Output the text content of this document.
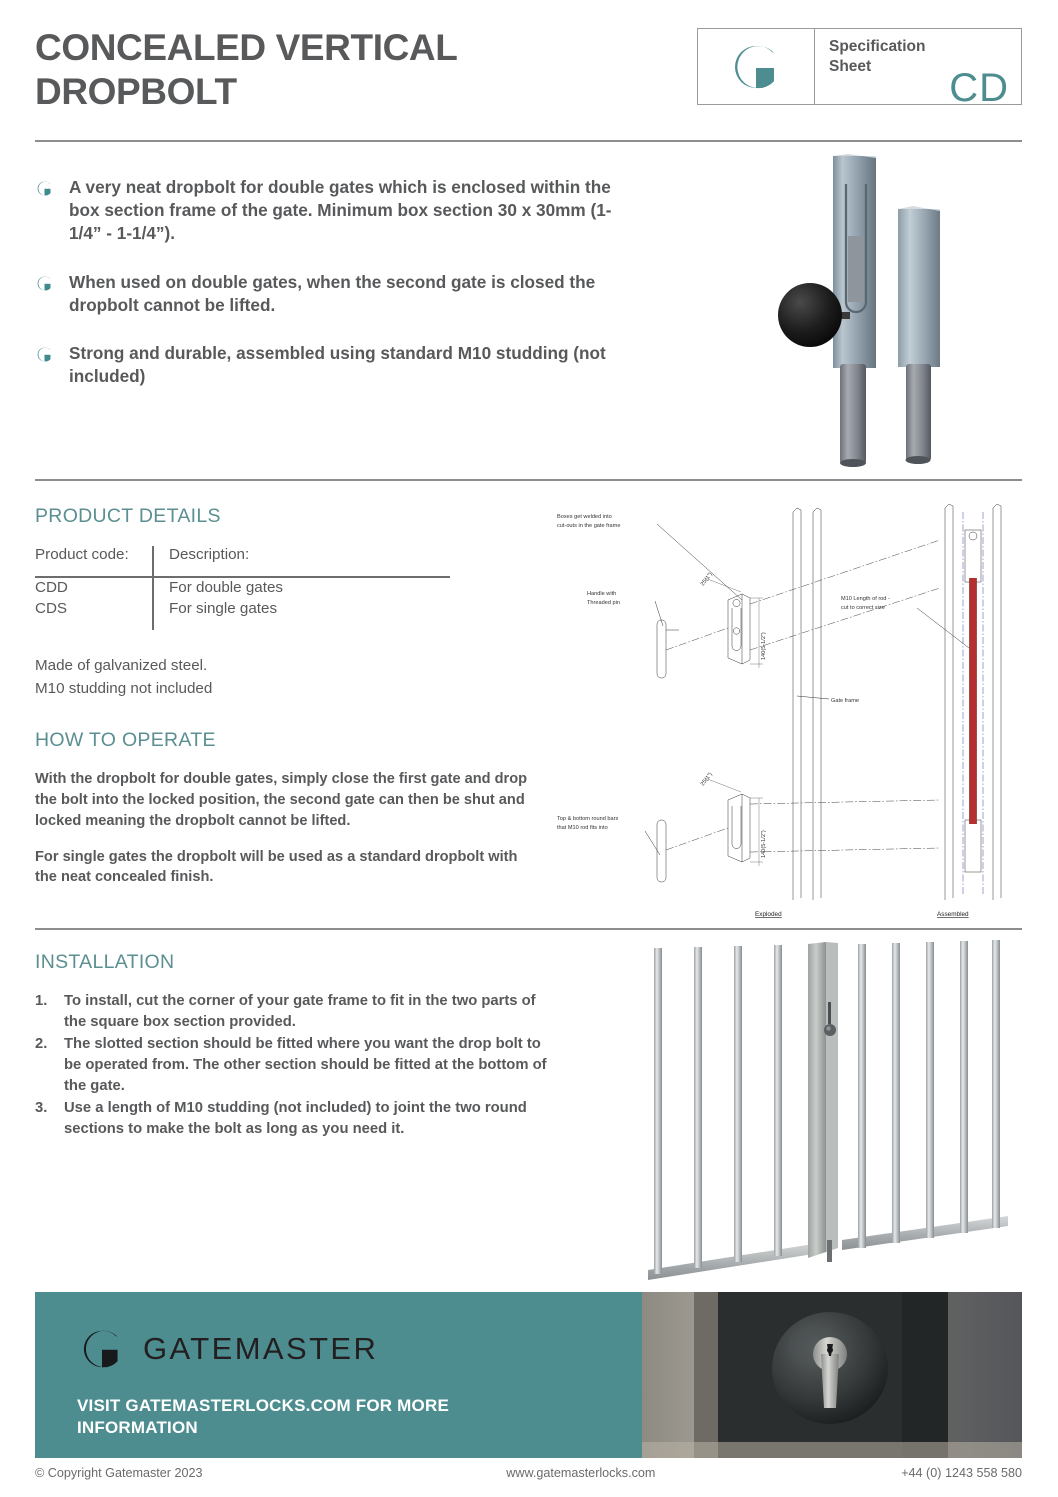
CONCEALED VERTICAL DROPBOLT
Specification
Sheet	CD
A very neat dropbolt for double gates which is enclosed within the box section frame of the gate. Minimum box section 30 x 30mm (1-1/4” - 1-1/4”).
When used on double gates, when the second gate is closed the dropbolt cannot be lifted.
Strong and durable, assembled using standard M10 studding (not included)
PRODUCT DETAILS
Product code:	Description:
CDD	For double gates
CDS	For single gates
Made of galvanized steel.
M10 studding not included
HOW TO OPERATE

With the dropbolt for double gates, simply close the first gate and drop the bolt into the locked position, the second gate can then be shut and locked meaning the dropbolt cannot be lifted.

For single gates the dropbolt will be used as a standard dropbolt with the neat concealed finish.

25(1")
140(5-1/2")
25(1")
140(5-1/2")
Boxes get welded into
cut-outs in the gate frame
Handle with
Threaded pin
Top & bottom round bars
that M10 rod fits into
M10 Length of rod -
cut to correct size
Gate frame
Exploded	Assembled
INSTALLATION
1.	To install, cut the corner of your gate frame to fit in the two parts of the square box section provided.
2.	The slotted section should be fitted where you want the drop bolt to be operated from. The other section should be fitted at the bottom of the gate.
3.	Use a length of M10 studding (not included) to joint the two round sections to make the bolt as long as you need it.
GATEMASTER
VISIT GATEMASTERLOCKS.COM FOR MORE INFORMATION
© Copyright Gatemaster 2023	www.gatemasterlocks.com	+44 (0) 1243 558 580
